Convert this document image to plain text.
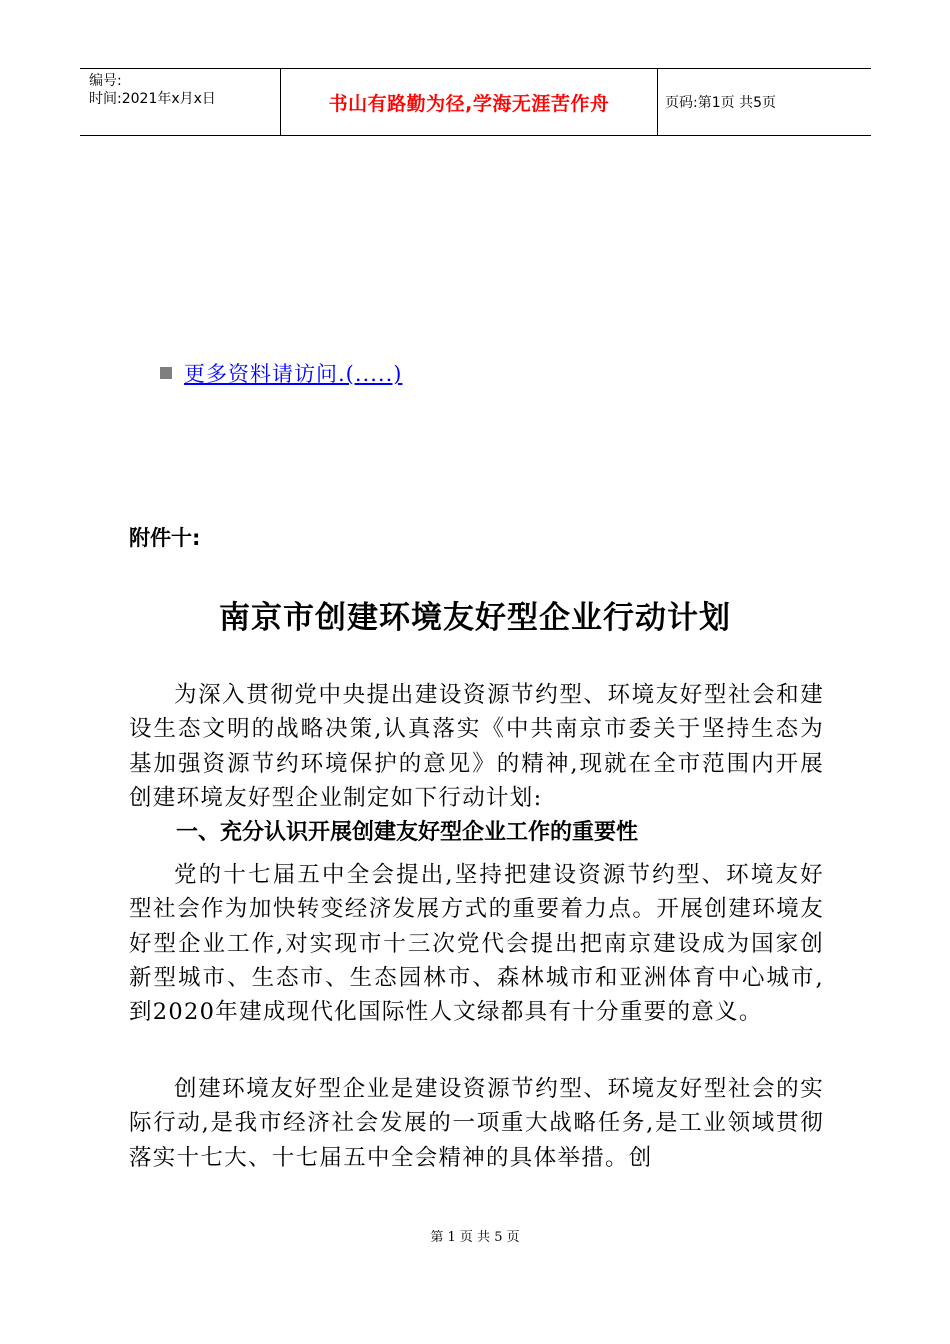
编号:
时间:2021年x月x日	书山有路勤为径,学海无涯苦作舟	页码:第1页 共5页
更多资料请访问.(.....)
附件十:
南京市创建环境友好型企业行动计划
为深入贯彻党中央提出建设资源节约型、环境友好型社会和建设生态文明的战略决策,认真落实《中共南京市委关于坚持生态为基加强资源节约环境保护的意见》的精神,现就在全市范围内开展创建环境友好型企业制定如下行动计划:
一、充分认识开展创建友好型企业工作的重要性
党的十七届五中全会提出,坚持把建设资源节约型、环境友好型社会作为加快转变经济发展方式的重要着力点。开展创建环境友好型企业工作,对实现市十三次党代会提出把南京建设成为国家创新型城市、生态市、生态园林市、森林城市和亚洲体育中心城市,到2020年建成现代化国际性人文绿都具有十分重要的意义。
创建环境友好型企业是建设资源节约型、环境友好型社会的实际行动,是我市经济社会发展的一项重大战略任务,是工业领域贯彻落实十七大、十七届五中全会精神的具体举措。创
第 1 页 共 5 页
